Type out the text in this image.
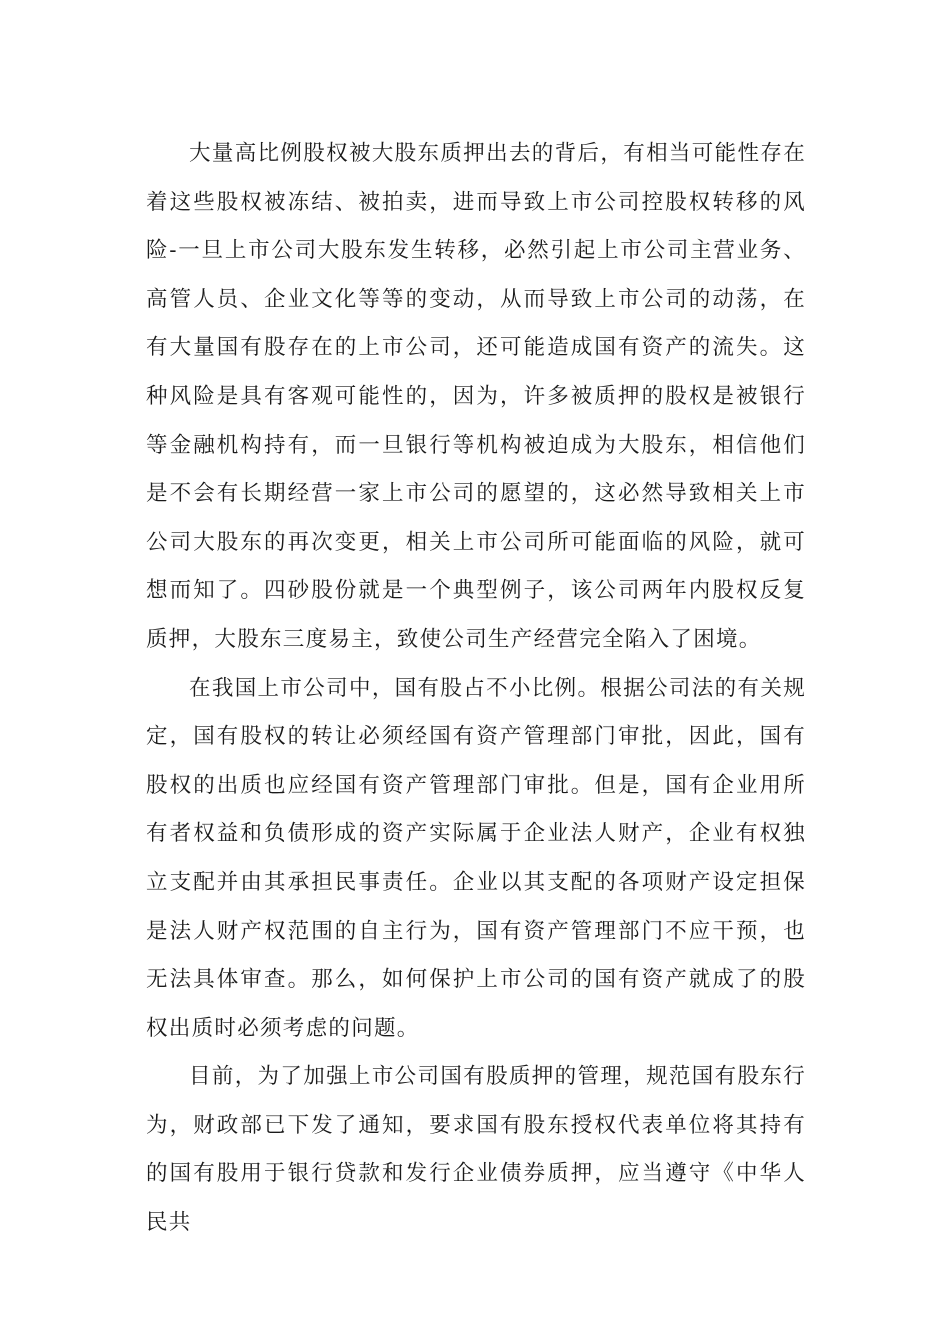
大量高比例股权被大股东质押出去的背后，有相当可能性存在着这些股权被冻结、被拍卖，进而导致上市公司控股权转移的风险-一旦上市公司大股东发生转移，必然引起上市公司主营业务、高管人员、企业文化等等的变动，从而导致上市公司的动荡，在有大量国有股存在的上市公司，还可能造成国有资产的流失。这种风险是具有客观可能性的，因为，许多被质押的股权是被银行等金融机构持有，而一旦银行等机构被迫成为大股东，相信他们是不会有长期经营一家上市公司的愿望的，这必然导致相关上市公司大股东的再次变更，相关上市公司所可能面临的风险，就可想而知了。四砂股份就是一个典型例子，该公司两年内股权反复质押，大股东三度易主，致使公司生产经营完全陷入了困境。

在我国上市公司中，国有股占不小比例。根据公司法的有关规定，国有股权的转让必须经国有资产管理部门审批，因此，国有股权的出质也应经国有资产管理部门审批。但是，国有企业用所有者权益和负债形成的资产实际属于企业法人财产，企业有权独立支配并由其承担民事责任。企业以其支配的各项财产设定担保是法人财产权范围的自主行为，国有资产管理部门不应干预，也无法具体审查。那么，如何保护上市公司的国有资产就成了的股权出质时必须考虑的问题。

目前，为了加强上市公司国有股质押的管理，规范国有股东行为，财政部已下发了通知，要求国有股东授权代表单位将其持有的国有股用于银行贷款和发行企业债券质押，应当遵守《中华人民共
